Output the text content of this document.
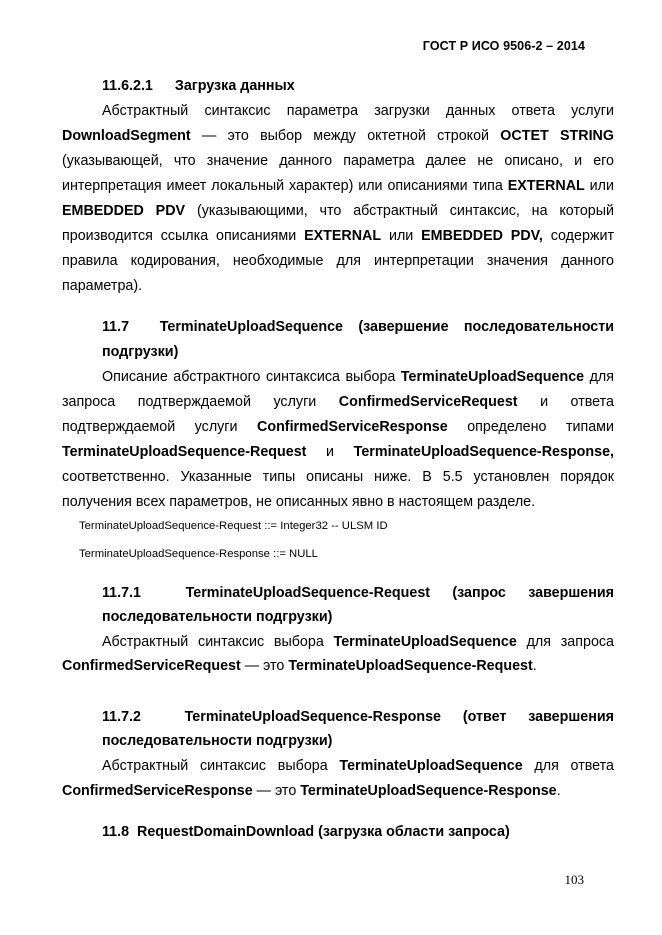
ГОСТ Р ИСО 9506-2 – 2014
11.6.2.1 Загрузка данных
Абстрактный синтаксис параметра загрузки данных ответа услуги
DownloadSegment — это выбор между октетной строкой OCTET STRING
(указывающей, что значение данного параметра далее не описано, и его
интерпретация имеет локальный характер) или описаниями типа EXTERNAL или
EMBEDDED PDV (указывающими, что абстрактный синтаксис, на который
производится ссылка описаниями EXTERNAL или EMBEDDED PDV, содержит
правила кодирования, необходимые для интерпретации значения данного
параметра).
11.7 TerminateUploadSequence (завершение последовательности
подгрузки)
Описание абстрактного синтаксиса выбора TerminateUploadSequence для
запроса подтверждаемой услуги ConfirmedServiceRequest и ответа
подтверждаемой услуги ConfirmedServiceResponse определено типами
TerminateUploadSequence-Request и TerminateUploadSequence-Response,
соответственно. Указанные типы описаны ниже. В 5.5 установлен порядок
получения всех параметров, не описанных явно в настоящем разделе.
TerminateUploadSequence-Request ::= Integer32 -- ULSM ID
TerminateUploadSequence-Response ::= NULL
11.7.1	TerminateUploadSequence-Request (запрос завершения
последовательности подгрузки)
Абстрактный синтаксис выбора TerminateUploadSequence для запроса
ConfirmedServiceRequest — это TerminateUploadSequence-Request.
11.7.2	TerminateUploadSequence-Response (ответ завершения
последовательности подгрузки)
Абстрактный синтаксис выбора TerminateUploadSequence для ответа
ConfirmedServiceResponse — это TerminateUploadSequence-Response.
11.8 RequestDomainDownload (загрузка области запроса)
103
